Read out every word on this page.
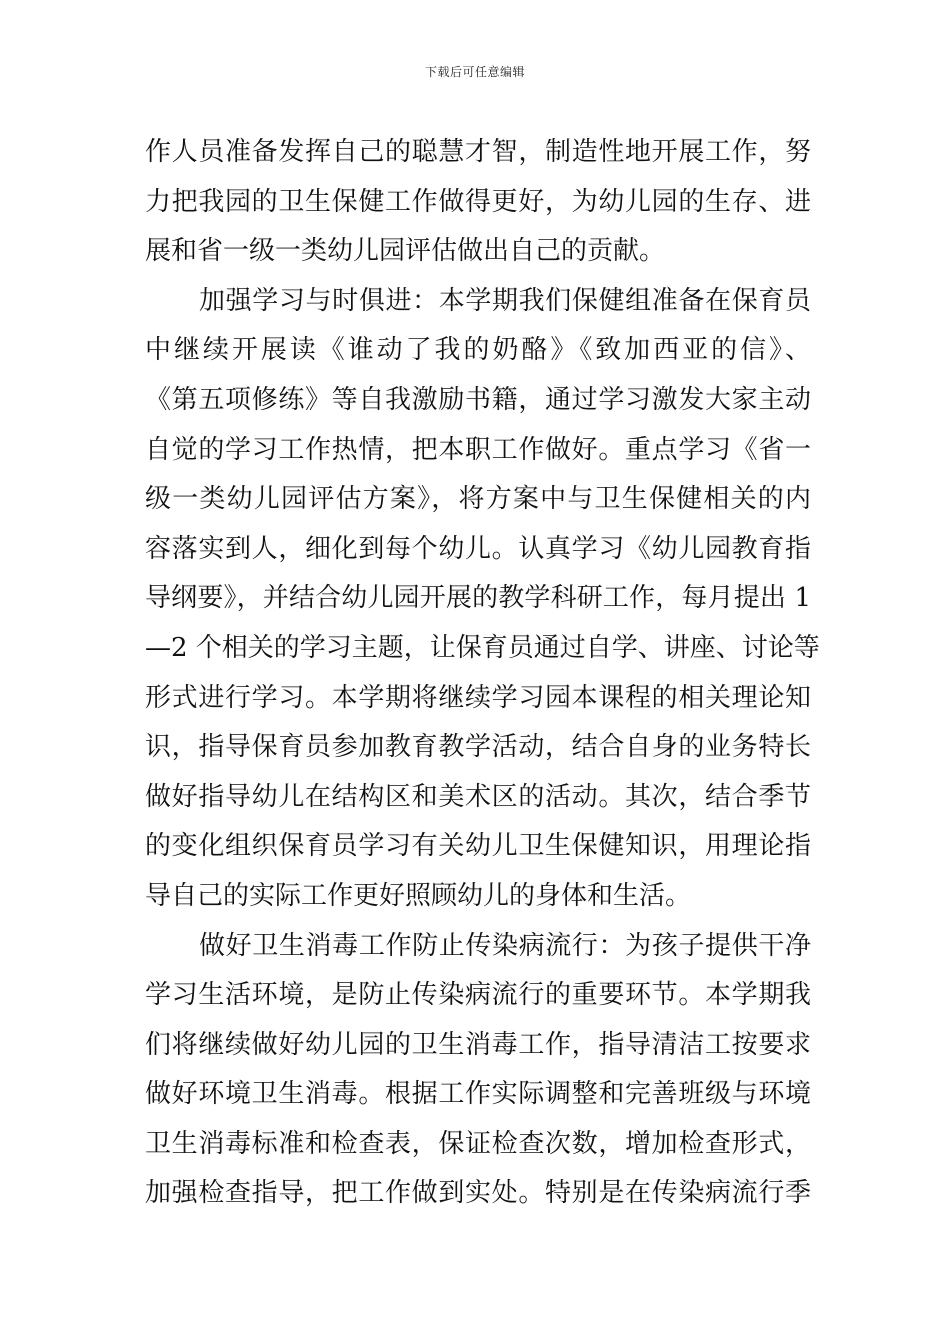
下载后可任意编辑
作人员准备发挥自己的聪慧才智，制造性地开展工作，努
力把我园的卫生保健工作做得更好，为幼儿园的生存、进
展和省一级一类幼儿园评估做出自己的贡献。
加强学习与时俱进：本学期我们保健组准备在保育员
中继续开展读《谁动了我的奶酪》《致加西亚的信》、
《第五项修练》等自我激励书籍，通过学习激发大家主动
自觉的学习工作热情，把本职工作做好。重点学习《省一
级一类幼儿园评估方案》，将方案中与卫生保健相关的内
容落实到人，细化到每个幼儿。认真学习《幼儿园教育指
导纲要》，并结合幼儿园开展的教学科研工作，每月提出 1
—2 个相关的学习主题，让保育员通过自学、讲座、讨论等
形式进行学习。本学期将继续学习园本课程的相关理论知
识，指导保育员参加教育教学活动，结合自身的业务特长
做好指导幼儿在结构区和美术区的活动。其次，结合季节
的变化组织保育员学习有关幼儿卫生保健知识，用理论指
导自己的实际工作更好照顾幼儿的身体和生活。
做好卫生消毒工作防止传染病流行：为孩子提供干净
学习生活环境，是防止传染病流行的重要环节。本学期我
们将继续做好幼儿园的卫生消毒工作，指导清洁工按要求
做好环境卫生消毒。根据工作实际调整和完善班级与环境
卫生消毒标准和检查表，保证检查次数，增加检查形式，
加强检查指导，把工作做到实处。特别是在传染病流行季
